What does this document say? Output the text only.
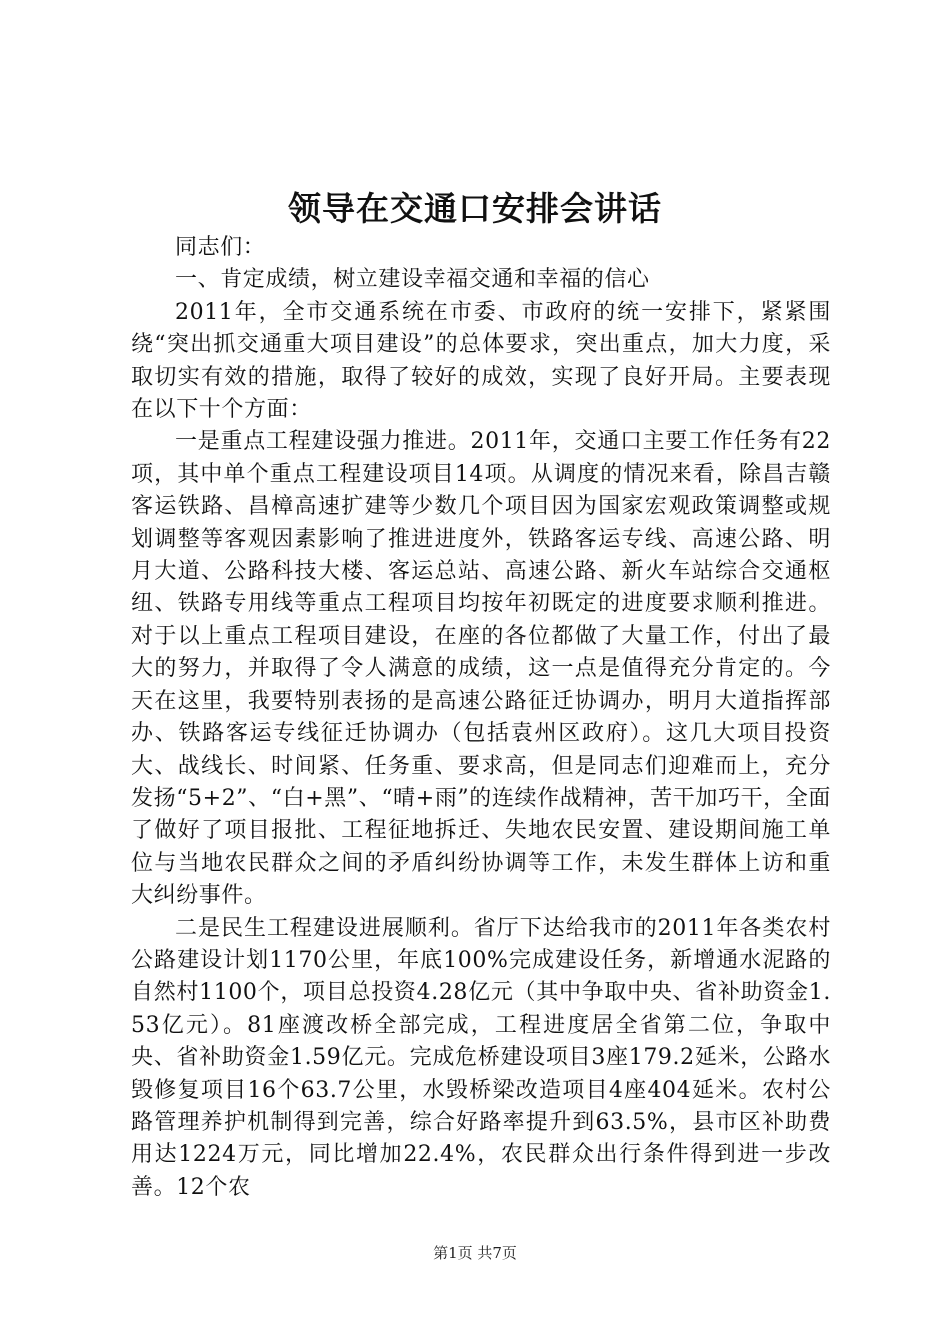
领导在交通口安排会讲话

同志们：

一、肯定成绩，树立建设幸福交通和幸福的信心

2011年，全市交通系统在市委、市政府的统一安排下，紧紧围绕“突出抓交通重大项目建设”的总体要求，突出重点，加大力度，采取切实有效的措施，取得了较好的成效，实现了良好开局。主要表现在以下十个方面：

一是重点工程建设强力推进。2011年，交通口主要工作任务有22项，其中单个重点工程建设项目14项。从调度的情况来看，除昌吉赣客运铁路、昌樟高速扩建等少数几个项目因为国家宏观政策调整或规划调整等客观因素影响了推进进度外，铁路客运专线、高速公路、明月大道、公路科技大楼、客运总站、高速公路、新火车站综合交通枢纽、铁路专用线等重点工程项目均按年初既定的进度要求顺利推进。对于以上重点工程项目建设，在座的各位都做了大量工作，付出了最大的努力，并取得了令人满意的成绩，这一点是值得充分肯定的。今天在这里，我要特别表扬的是高速公路征迁协调办，明月大道指挥部办、铁路客运专线征迁协调办（包括袁州区政府）。这几大项目投资大、战线长、时间紧、任务重、要求高，但是同志们迎难而上，充分发扬“5+2”、“白+黑”、“晴+雨”的连续作战精神，苦干加巧干，全面了做好了项目报批、工程征地拆迁、失地农民安置、建设期间施工单位与当地农民群众之间的矛盾纠纷协调等工作，未发生群体上访和重大纠纷事件。

二是民生工程建设进展顺利。省厅下达给我市的2011年各类农村公路建设计划1170公里，年底100%完成建设任务，新增通水泥路的自然村1100个，项目总投资4.28亿元（其中争取中央、省补助资金1.53亿元）。81座渡改桥全部完成，工程进度居全省第二位，争取中央、省补助资金1.59亿元。完成危桥建设项目3座179.2延米，公路水毁修复项目16个63.7公里，水毁桥梁改造项目4座404延米。农村公路管理养护机制得到完善，综合好路率提升到63.5%，县市区补助费用达1224万元，同比增加22.4%，农民群众出行条件得到进一步改善。12个农

第1页 共7页
